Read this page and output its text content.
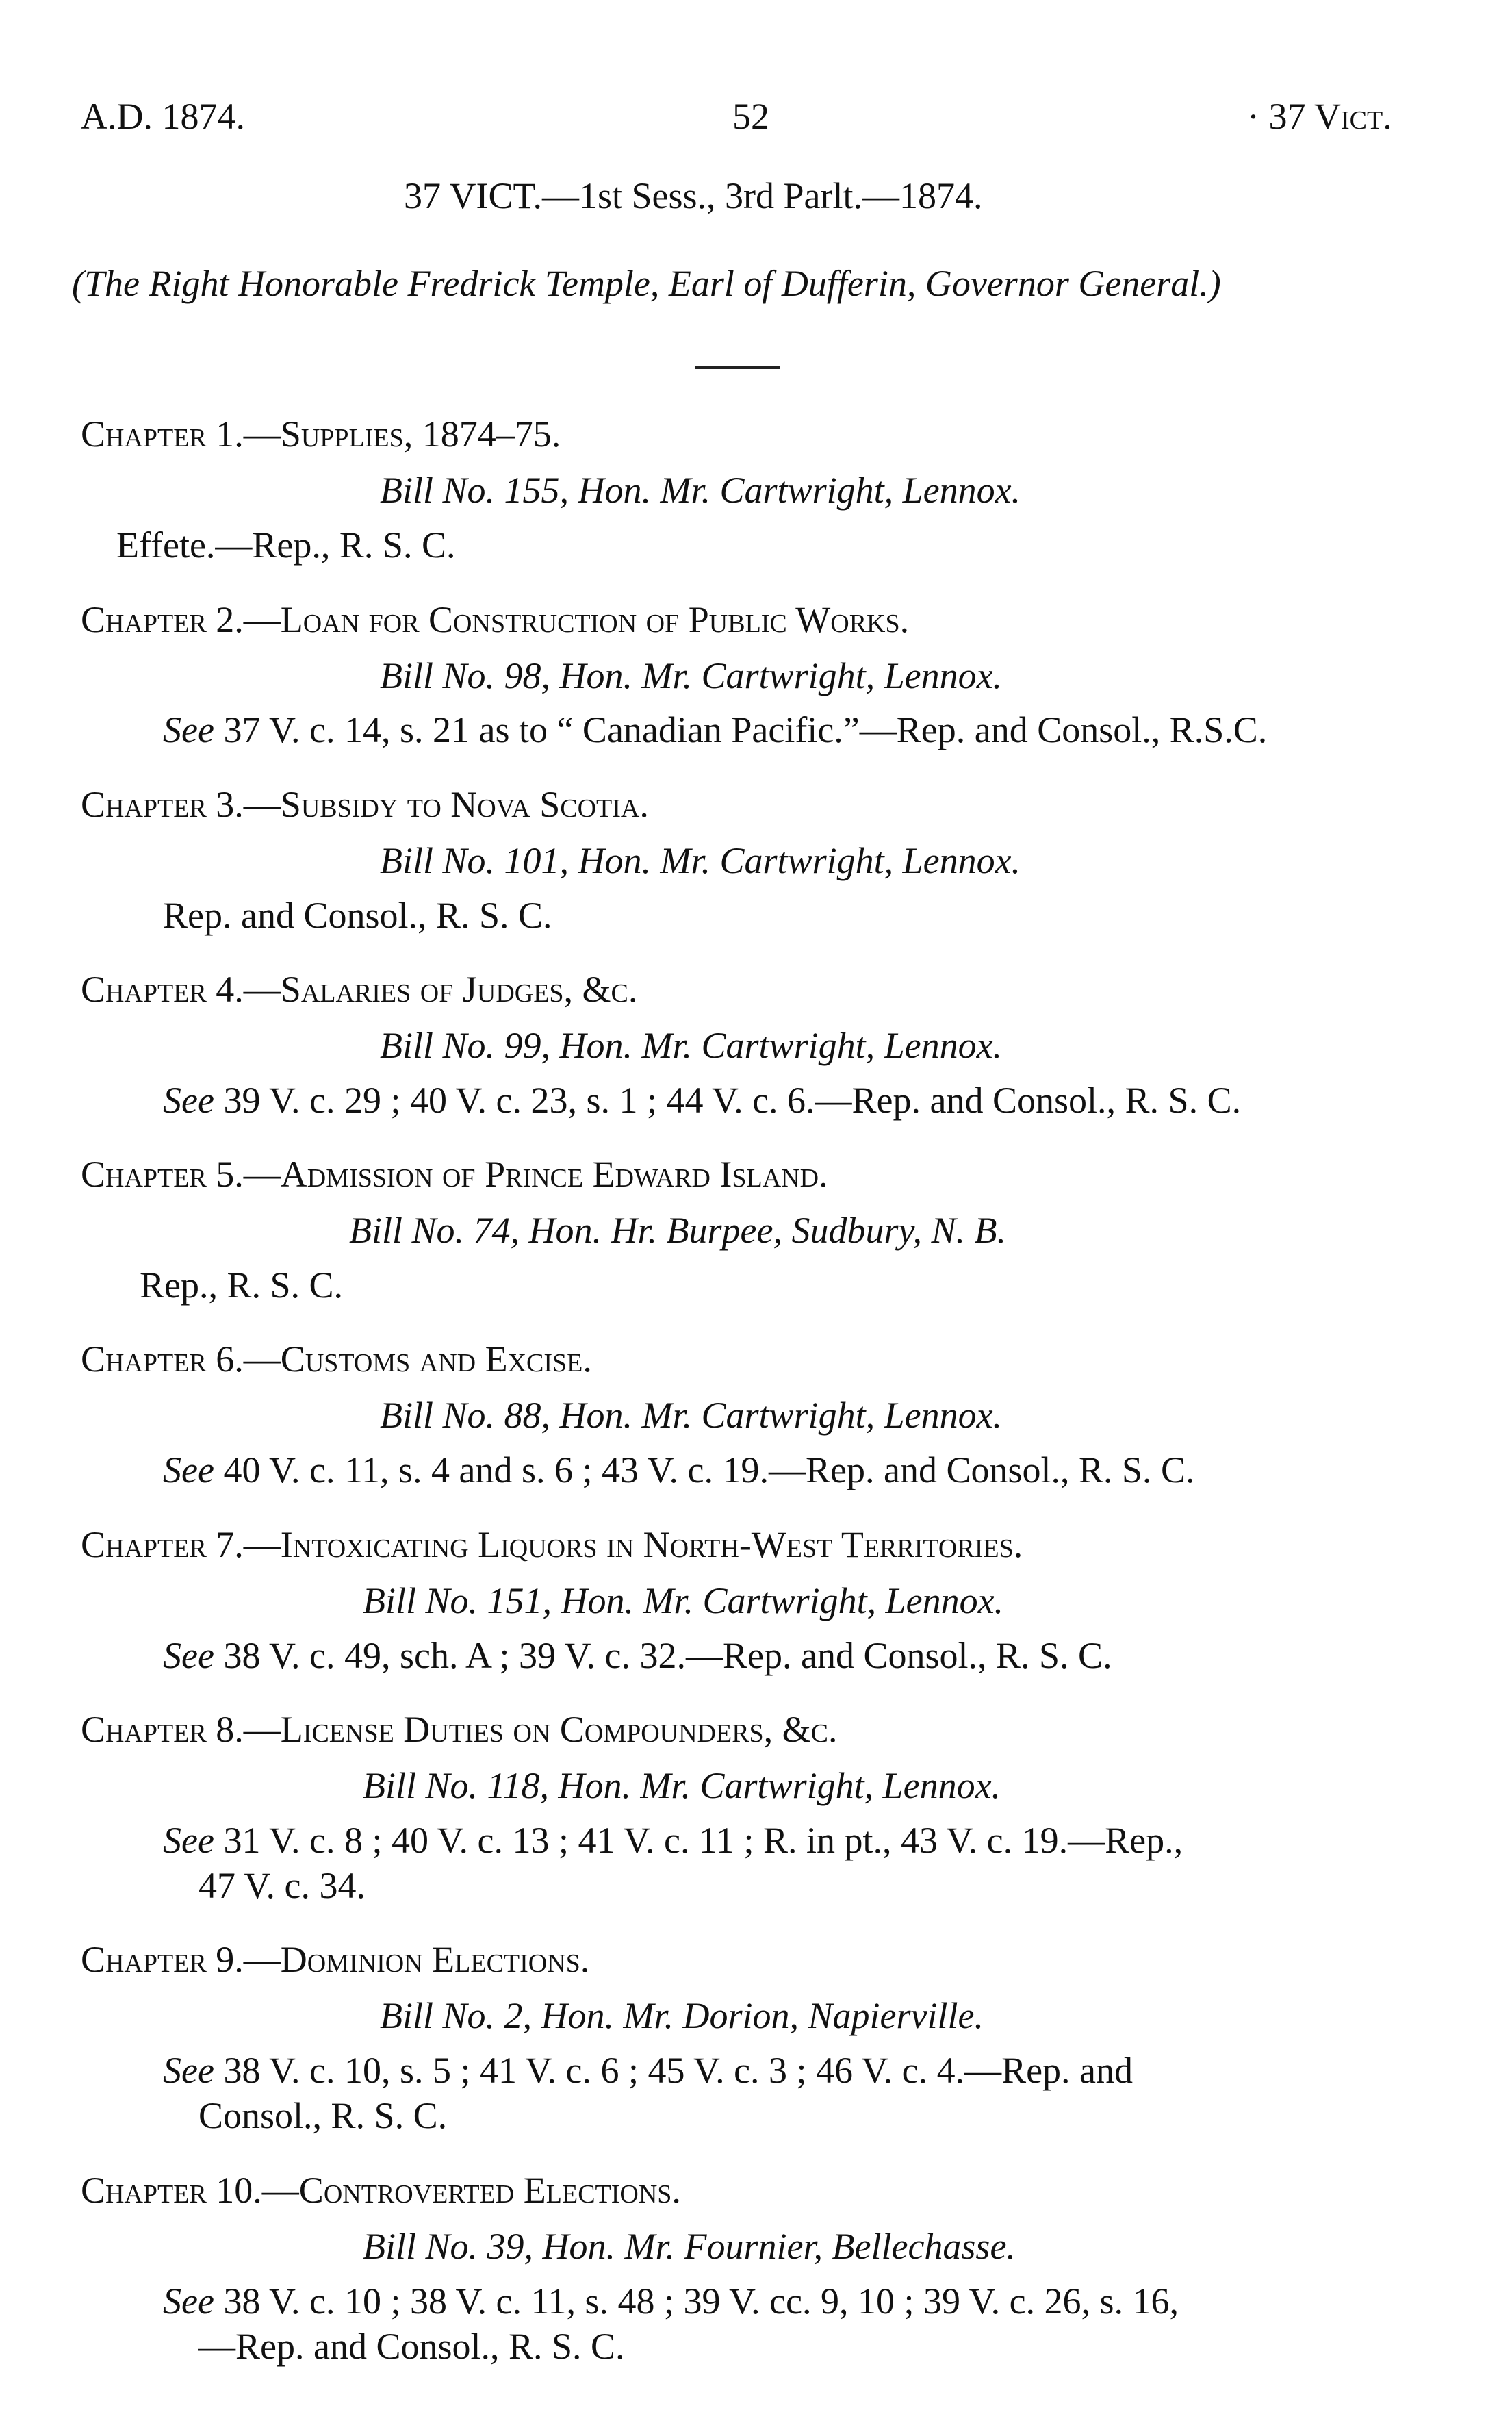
A.D. 1874.	52	· 37 Vict.
37 VICT.—1st Sess., 3rd Parlt.—1874.
(The Right Honorable Fredrick Temple, Earl of Dufferin, Governor General.)
Chapter 1.—Supplies, 1874–75.
Bill No. 155, Hon. Mr. Cartwright, Lennox.
Effete.—Rep., R. S. C.
Chapter 2.—Loan for Construction of Public Works.
Bill No. 98, Hon. Mr. Cartwright, Lennox.
See 37 V. c. 14, s. 21 as to “ Canadian Pacific.”—Rep. and Consol., R.S.C.
Chapter 3.—Subsidy to Nova Scotia.
Bill No. 101, Hon. Mr. Cartwright, Lennox.
Rep. and Consol., R. S. C.
Chapter 4.—Salaries of Judges, &c.
Bill No. 99, Hon. Mr. Cartwright, Lennox.
See 39 V. c. 29 ; 40 V. c. 23, s. 1 ; 44 V. c. 6.—Rep. and Consol., R. S. C.
Chapter 5.—Admission of Prince Edward Island.
Bill No. 74, Hon. Hr. Burpee, Sudbury, N. B.
Rep., R. S. C.
Chapter 6.—Customs and Excise.
Bill No. 88, Hon. Mr. Cartwright, Lennox.
See 40 V. c. 11, s. 4 and s. 6 ; 43 V. c. 19.—Rep. and Consol., R. S. C.
Chapter 7.—Intoxicating Liquors in North-West Territories.
Bill No. 151, Hon. Mr. Cartwright, Lennox.
See 38 V. c. 49, sch. A ; 39 V. c. 32.—Rep. and Consol., R. S. C.
Chapter 8.—License Duties on Compounders, &c.
Bill No. 118, Hon. Mr. Cartwright, Lennox.
See 31 V. c. 8 ; 40 V. c. 13 ; 41 V. c. 11 ; R. in pt., 43 V. c. 19.—Rep.,
47 V. c. 34.
Chapter 9.—Dominion Elections.
Bill No. 2, Hon. Mr. Dorion, Napierville.
See 38 V. c. 10, s. 5 ; 41 V. c. 6 ; 45 V. c. 3 ; 46 V. c. 4.—Rep. and
Consol., R. S. C.
Chapter 10.—Controverted Elections.
Bill No. 39, Hon. Mr. Fournier, Bellechasse.
See 38 V. c. 10 ; 38 V. c. 11, s. 48 ; 39 V. cc. 9, 10 ; 39 V. c. 26, s. 16,
—Rep. and Consol., R. S. C.
